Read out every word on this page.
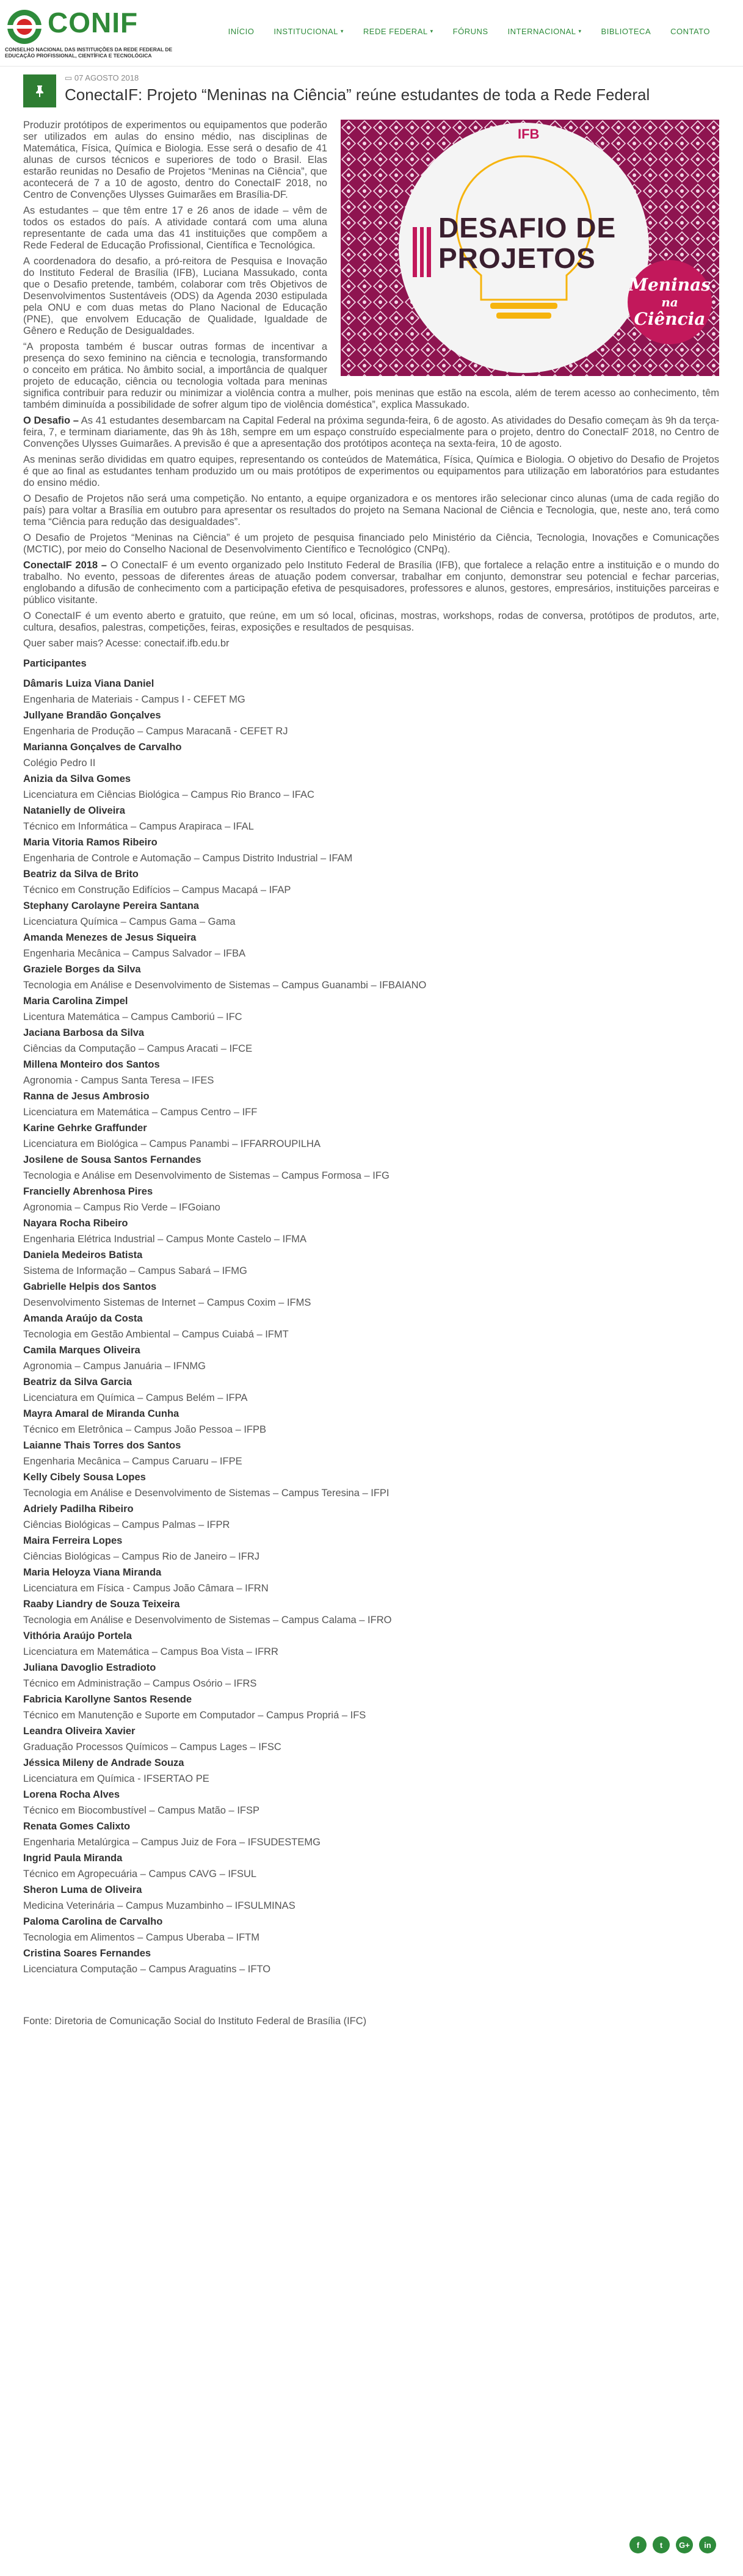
CONIF
CONSELHO NACIONAL DAS INSTITUIÇÕES DA REDE FEDERAL DE EDUCAÇÃO PROFISSIONAL, CIENTÍFICA E TECNOLÓGICA
INÍCIO INSTITUCIONAL ▾ REDE FEDERAL ▾ FÓRUNS INTERNACIONAL ▾ BIBLIOTECA CONTATO
▭ 07 AGOSTO 2018
ConectaIF: Projeto “Meninas na Ciência” reúne estudantes de toda a Rede Federal
IFB
DESAFIO DE
PROJETOS
Meninas
na
Ciência

Produzir protótipos de experimentos ou equipamentos que poderão ser utilizados em aulas do ensino médio, nas disciplinas de Matemática, Física, Química e Biologia. Esse será o desafio de 41 alunas de cursos técnicos e superiores de todo o Brasil. Elas estarão reunidas no Desafio de Projetos “Meninas na Ciência”, que acontecerá de 7 a 10 de agosto, dentro do ConectaIF 2018, no Centro de Convenções Ulysses Guimarães em Brasília-DF.

As estudantes – que têm entre 17 e 26 anos de idade – vêm de todos os estados do país. A atividade contará com uma aluna representante de cada uma das 41 instituições que compõem a Rede Federal de Educação Profissional, Científica e Tecnológica.

A coordenadora do desafio, a pró-reitora de Pesquisa e Inovação do Instituto Federal de Brasília (IFB), Luciana Massukado, conta que o Desafio pretende, também, colaborar com três Objetivos de Desenvolvimentos Sustentáveis (ODS) da Agenda 2030 estipulada pela ONU e com duas metas do Plano Nacional de Educação (PNE), que envolvem Educação de Qualidade, Igualdade de Gênero e Redução de Desigualdades.

“A proposta também é buscar outras formas de incentivar a presença do sexo feminino na ciência e tecnologia, transformando o conceito em prática. No âmbito social, a importância de qualquer projeto de educação, ciência ou tecnologia voltada para meninas significa contribuir para reduzir ou minimizar a violência contra a mulher, pois meninas que estão na escola, além de terem acesso ao conhecimento, têm também diminuída a possibilidade de sofrer algum tipo de violência doméstica”, explica Massukado.

O Desafio – As 41 estudantes desembarcam na Capital Federal na próxima segunda-feira, 6 de agosto. As atividades do Desafio começam às 9h da terça-feira, 7, e terminam diariamente, das 9h às 18h, sempre em um espaço construído especialmente para o projeto, dentro do ConectaIF 2018, no Centro de Convenções Ulysses Guimarães. A previsão é que a apresentação dos protótipos aconteça na sexta-feira, 10 de agosto.

As meninas serão divididas em quatro equipes, representando os conteúdos de Matemática, Física, Química e Biologia. O objetivo do Desafio de Projetos é que ao final as estudantes tenham produzido um ou mais protótipos de experimentos ou equipamentos para utilização em laboratórios para estudantes do ensino médio.

O Desafio de Projetos não será uma competição. No entanto, a equipe organizadora e os mentores irão selecionar cinco alunas (uma de cada região do país) para voltar a Brasília em outubro para apresentar os resultados do projeto na Semana Nacional de Ciência e Tecnologia, que, neste ano, terá como tema “Ciência para redução das desigualdades”.

O Desafio de Projetos “Meninas na Ciência” é um projeto de pesquisa financiado pelo Ministério da Ciência, Tecnologia, Inovações e Comunicações (MCTIC), por meio do Conselho Nacional de Desenvolvimento Científico e Tecnológico (CNPq).

ConectaIF 2018 – O ConectaIF é um evento organizado pelo Instituto Federal de Brasília (IFB), que fortalece a relação entre a instituição e o mundo do trabalho. No evento, pessoas de diferentes áreas de atuação podem conversar, trabalhar em conjunto, demonstrar seu potencial e fechar parcerias, englobando a difusão de conhecimento com a participação efetiva de pesquisadores, professores e alunos, gestores, empresários, instituições parceiras e público visitante.

O ConectaIF é um evento aberto e gratuito, que reúne, em um só local, oficinas, mostras, workshops, rodas de conversa, protótipos de produtos, arte, cultura, desafios, palestras, competições, feiras, exposições e resultados de pesquisas.

Quer saber mais? Acesse: conectaif.ifb.edu.br

Participantes

Dâmaris Luiza Viana Daniel

Engenharia de Materiais - Campus I - CEFET MG

Jullyane Brandão Gonçalves

Engenharia de Produção – Campus Maracanã - CEFET RJ

Marianna Gonçalves de Carvalho

Colégio Pedro II

Anizia da Silva Gomes

Licenciatura em Ciências Biológica – Campus Rio Branco – IFAC

Natanielly de Oliveira

Técnico em Informática – Campus Arapiraca – IFAL

Maria Vitoria Ramos Ribeiro

Engenharia de Controle e Automação – Campus Distrito Industrial – IFAM

Beatriz da Silva de Brito

Técnico em Construção Edifícios – Campus Macapá – IFAP

Stephany Carolayne Pereira Santana

Licenciatura Química – Campus Gama – Gama

Amanda Menezes de Jesus Siqueira

Engenharia Mecânica – Campus Salvador – IFBA

Graziele Borges da Silva

Tecnologia em Análise e Desenvolvimento de Sistemas – Campus Guanambi – IFBAIANO

Maria Carolina Zimpel

Licentura Matemática – Campus Camboriú – IFC

Jaciana Barbosa da Silva

Ciências da Computação – Campus Aracati – IFCE

Millena Monteiro dos Santos

Agronomia - Campus Santa Teresa – IFES

Ranna de Jesus Ambrosio

Licenciatura em Matemática – Campus Centro – IFF

Karine Gehrke Graffunder

Licenciatura em Biológica – Campus Panambi – IFFARROUPILHA

Josilene de Sousa Santos Fernandes

Tecnologia e Análise em Desenvolvimento de Sistemas – Campus Formosa – IFG

Francielly Abrenhosa Pires

Agronomia – Campus Rio Verde – IFGoiano

Nayara Rocha Ribeiro

Engenharia Elétrica Industrial – Campus Monte Castelo – IFMA

Daniela Medeiros Batista

Sistema de Informação – Campus Sabará – IFMG

Gabrielle Helpis dos Santos

Desenvolvimento Sistemas de Internet – Campus Coxim – IFMS

Amanda Araújo da Costa

Tecnologia em Gestão Ambiental – Campus Cuiabá – IFMT

Camila Marques Oliveira

Agronomia – Campus Januária – IFNMG

Beatriz da Silva Garcia

Licenciatura em Química – Campus Belém – IFPA

Mayra Amaral de Miranda Cunha

Técnico em Eletrônica – Campus João Pessoa – IFPB

Laianne Thais Torres dos Santos

Engenharia Mecânica – Campus Caruaru – IFPE

Kelly Cibely Sousa Lopes

Tecnologia em Análise e Desenvolvimento de Sistemas – Campus Teresina – IFPI

Adriely Padilha Ribeiro

Ciências Biológicas – Campus Palmas – IFPR

Maira Ferreira Lopes

Ciências Biológicas – Campus Rio de Janeiro – IFRJ

Maria Heloyza Viana Miranda

Licenciatura em Física - Campus João Câmara – IFRN

Raaby Liandry de Souza Teixeira

Tecnologia em Análise e Desenvolvimento de Sistemas – Campus Calama – IFRO

Vithória Araújo Portela

Licenciatura em Matemática – Campus Boa Vista – IFRR

Juliana Davoglio Estradioto

Técnico em Administração – Campus Osório – IFRS

Fabricia Karollyne Santos Resende

Técnico em Manutenção e Suporte em Computador – Campus Propriá – IFS

Leandra Oliveira Xavier

Graduação Processos Químicos – Campus Lages – IFSC

Jéssica Mileny de Andrade Souza

Licenciatura em Química - IFSERTAO PE

Lorena Rocha Alves

Técnico em Biocombustível – Campus Matão – IFSP

Renata Gomes Calixto

Engenharia Metalúrgica – Campus Juiz de Fora – IFSUDESTEMG

Ingrid Paula Miranda

Técnico em Agropecuária – Campus CAVG – IFSUL

Sheron Luma de Oliveira

Medicina Veterinária – Campus Muzambinho – IFSULMINAS

Paloma Carolina de Carvalho

Tecnologia em Alimentos – Campus Uberaba – IFTM

Cristina Soares Fernandes

Licenciatura Computação – Campus Araguatins – IFTO

Fonte: Diretoria de Comunicação Social do Instituto Federal de Brasília (IFC)

f	t G+ in
